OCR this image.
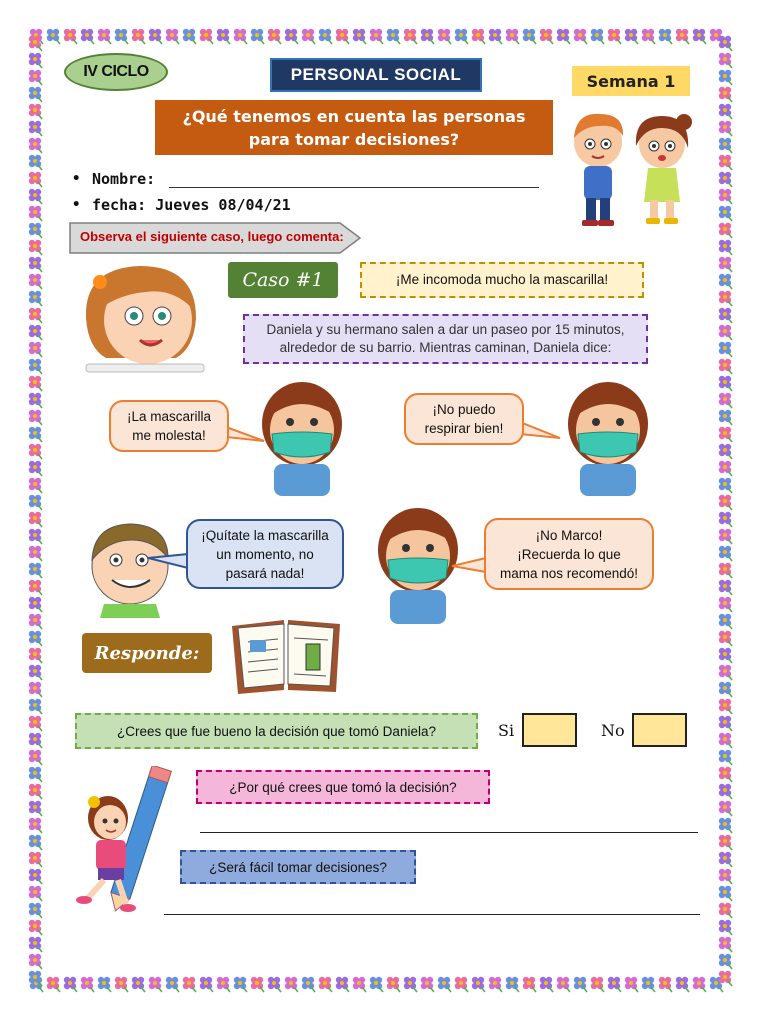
IV CICLO	PERSONAL SOCIAL	Semana 1
¿Qué tenemos en cuenta las personas
para tomar decisiones?
• Nombre:
• fecha: Jueves 08/04/21
Observa el siguiente caso, luego comenta:
Caso #1	¡Me incomoda mucho la mascarilla!
Daniela y su hermano salen a dar un paseo por 15 minutos,
alrededor de su barrio. Mientras caminan, Daniela dice:
¡La mascarilla
me molesta!
¡No puedo
respirar bien!
¡Quítate la mascarilla
un momento, no
pasará nada!
¡No Marco!
¡Recuerda lo que
mama nos recomendó!
Responde:
¿Crees que fue bueno la decisión que tomó Daniela?	Si	No
¿Por qué crees que tomó la decisión?
¿Será fácil tomar decisiones?
